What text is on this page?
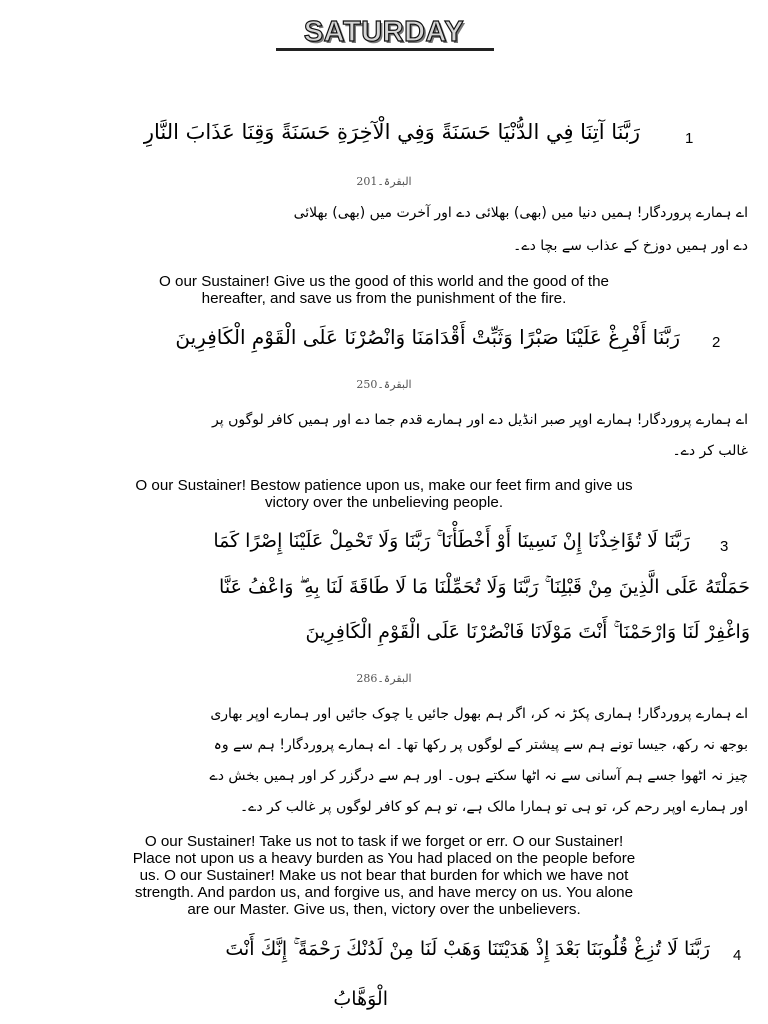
SATURDAY
1
رَبَّنَا آتِنَا فِي الدُّنْيَا حَسَنَةً وَفِي الْآخِرَةِ حَسَنَةً وَقِنَا عَذَابَ النَّارِ
البقرۃ۔201
اے ہمارے پروردگار! ہمیں دنیا میں (بھی) بھلائی دے اور آخرت میں (بھی) بھلائی
دے اور ہمیں دوزخ کے عذاب سے بچا دے۔
O our Sustainer! Give us the good of this world and the good of the
hereafter, and save us from the punishment of the fire.
2
رَبَّنَا أَفْرِغْ عَلَيْنَا صَبْرًا وَثَبِّتْ أَقْدَامَنَا وَانْصُرْنَا عَلَى الْقَوْمِ الْكَافِرِينَ
البقرۃ۔250
اے ہمارے پروردگار! ہمارے اوپر صبر انڈیل دے اور ہمارے قدم جما دے اور ہمیں کافر لوگوں پر
غالب کر دے۔
O our Sustainer! Bestow patience upon us, make our feet firm and give us
victory over the unbelieving people.
3
رَبَّنَا لَا تُؤَاخِذْنَا إِنْ نَسِينَا أَوْ أَخْطَأْنَا ۚ رَبَّنَا وَلَا تَحْمِلْ عَلَيْنَا إِصْرًا كَمَا
حَمَلْتَهُ عَلَى الَّذِينَ مِنْ قَبْلِنَا ۚ رَبَّنَا وَلَا تُحَمِّلْنَا مَا لَا طَاقَةَ لَنَا بِهِ ۖ وَاعْفُ عَنَّا
وَاغْفِرْ لَنَا وَارْحَمْنَا ۚ أَنْتَ مَوْلَانَا فَانْصُرْنَا عَلَى الْقَوْمِ الْكَافِرِينَ
البقرۃ۔286
اے ہمارے پروردگار! ہماری پکڑ نہ کر، اگر ہم بھول جائیں یا چوک جائیں اور ہمارے اوپر بھاری
بوجھ نہ رکھ، جیسا تونے ہم سے پیشتر کے لوگوں پر رکھا تھا۔ اے ہمارے پروردگار! ہم سے وہ
چیز نہ اٹھوا جسے ہم آسانی سے نہ اٹھا سکتے ہوں۔ اور ہم سے درگزر کر اور ہمیں بخش دے
اور ہمارے اوپر رحم کر، تو ہی تو ہمارا مالک ہے، تو ہم کو کافر لوگوں پر غالب کر دے۔
O our Sustainer! Take us not to task if we forget or err. O our Sustainer!
Place not upon us a heavy burden as You had placed on the people before
us. O our Sustainer! Make us not bear that burden for which we have not
strength. And pardon us, and forgive us, and have mercy on us. You alone
are our Master. Give us, then, victory over the unbelievers.
4
رَبَّنَا لَا تُزِغْ قُلُوبَنَا بَعْدَ إِذْ هَدَيْتَنَا وَهَبْ لَنَا مِنْ لَدُنْكَ رَحْمَةً ۚ إِنَّكَ أَنْتَ
الْوَهَّابُ
